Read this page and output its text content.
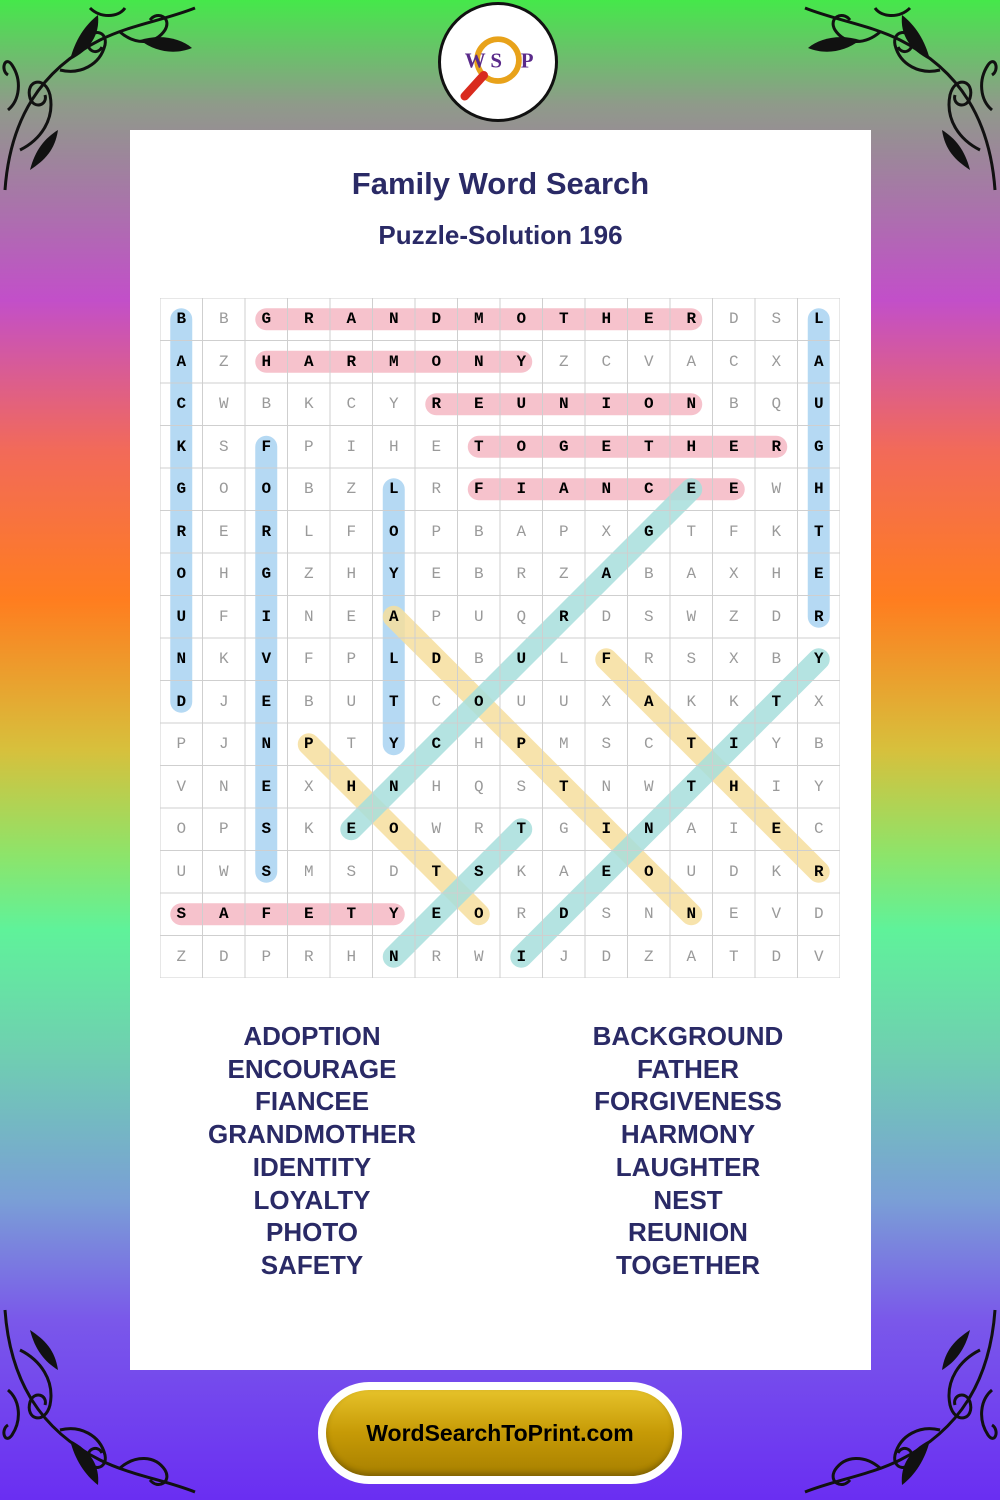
W S P
Family Word Search
Puzzle-Solution 196
B	B	G	R	A	N	D	M	O	T	H	E	R	D	S	L
A	Z	H	A	R	M	O	N	Y	Z	C	V	A	C	X	A
C	W	B	K	C	Y	R	E	U	N	I	O	N	B	Q	U
K	S	F	P	I	H	E	T	O	G	E	T	H	E	R	G
G	O	O	B	Z	L	R	F	I	A	N	C	E	E	W	H
R	E	R	L	F	O	P	B	A	P	X	G	T	F	K	T
O	H	G	Z	H	Y	E	B	R	Z	A	B	A	X	H	E
U	F	I	N	E	A	P	U	Q	R	D	S	W	Z	D	R
N	K	V	F	P	L	D	B	U	L	F	R	S	X	B	Y
D	J	E	B	U	T	C	O	U	U	X	A	K	K	T	X
P	J	N	P	T	Y	C	H	P	M	S	C	T	I	Y	B
V	N	E	X	H	N	H	Q	S	T	N	W	T	H	I	Y
O	P	S	K	E	O	W	R	T	G	I	N	A	I	E	C
U	W	S	M	S	D	T	S	K	A	E	O	U	D	K	R
S	A	F	E	T	Y	E	O	R	D	S	N	N	E	V	D
Z	D	P	R	H	N	R	W	I	J	D	Z	A	T	D	V
ADOPTION
ENCOURAGE
FIANCEE
GRANDMOTHER
IDENTITY
LOYALTY
PHOTO
SAFETY
BACKGROUND
FATHER
FORGIVENESS
HARMONY
LAUGHTER
NEST
REUNION
TOGETHER
WordSearchToPrint.com
